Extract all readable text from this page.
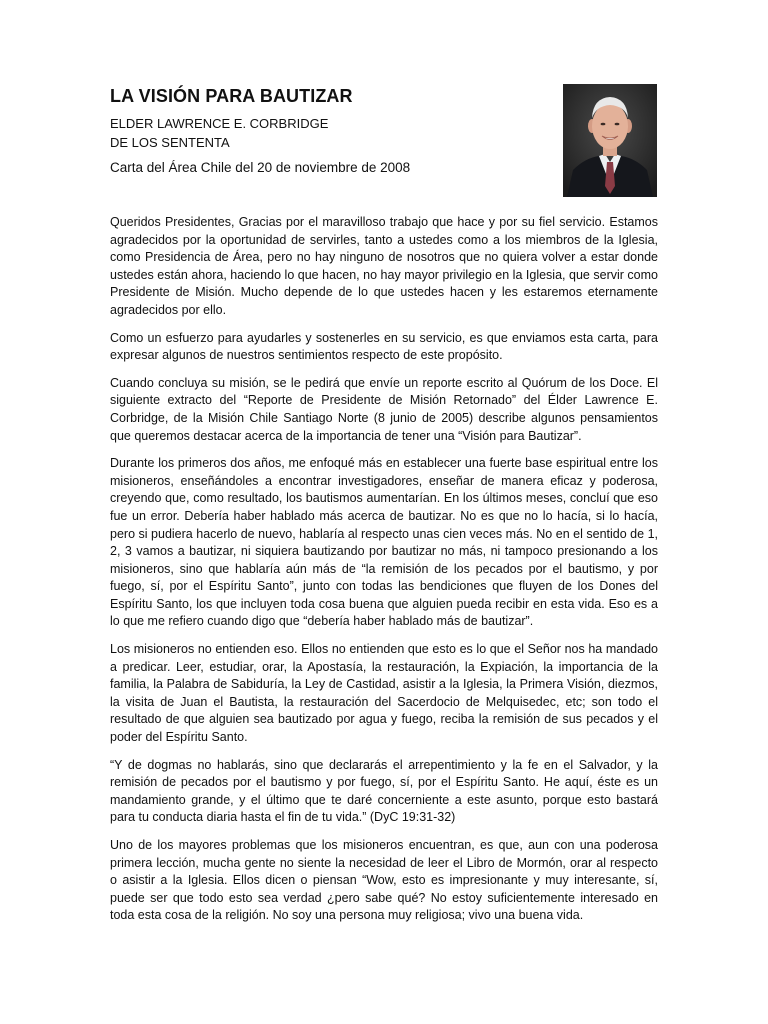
LA VISIÓN PARA BAUTIZAR
ELDER LAWRENCE E. CORBRIDGE
DE LOS SENTENTA
Carta del Área Chile del 20 de noviembre de 2008

Queridos Presidentes, Gracias por el maravilloso trabajo que hace y por su fiel servicio. Estamos agradecidos por la oportunidad de servirles, tanto a ustedes como a los miembros de la Iglesia, como Presidencia de Área, pero no hay ninguno de nosotros que no quiera volver a estar donde ustedes están ahora, haciendo lo que hacen, no hay mayor privilegio en la Iglesia, que servir como Presidente de Misión. Mucho depende de lo que ustedes hacen y les estaremos eternamente agradecidos por ello.

Como un esfuerzo para ayudarles y sostenerles en su servicio, es que enviamos esta carta, para expresar algunos de nuestros sentimientos respecto de este propósito.

Cuando concluya su misión, se le pedirá que envíe un reporte escrito al Quórum de los Doce. El siguiente extracto del “Reporte de Presidente de Misión Retornado” del Élder Lawrence E. Corbridge, de la Misión Chile Santiago Norte (8 junio de 2005) describe algunos pensamientos que queremos destacar acerca de la importancia de tener una “Visión para Bautizar”.

Durante los primeros dos años, me enfoqué más en establecer una fuerte base espiritual entre los misioneros, enseñándoles a encontrar investigadores, enseñar de manera eficaz y poderosa, creyendo que, como resultado, los bautismos aumentarían. En los últimos meses, concluí que eso fue un error. Debería haber hablado más acerca de bautizar. No es que no lo hacía, si lo hacía, pero si pudiera hacerlo de nuevo, hablaría al respecto unas cien veces más. No en el sentido de 1, 2, 3 vamos a bautizar, ni siquiera bautizando por bautizar no más, ni tampoco presionando a los misioneros, sino que hablaría aún más de “la remisión de los pecados por el bautismo, y por fuego, sí, por el Espíritu Santo”, junto con todas las bendiciones que fluyen de los Dones del Espíritu Santo, los que incluyen toda cosa buena que alguien pueda recibir en esta vida. Eso es a lo que me refiero cuando digo que “debería haber hablado más de bautizar”.

Los misioneros no entienden eso. Ellos no entienden que esto es lo que el Señor nos ha mandado a predicar. Leer, estudiar, orar, la Apostasía, la restauración, la Expiación, la importancia de la familia, la Palabra de Sabiduría, la Ley de Castidad, asistir a la Iglesia, la Primera Visión, diezmos, la visita de Juan el Bautista, la restauración del Sacerdocio de Melquisedec, etc; son todo el resultado de que alguien sea bautizado por agua y fuego, reciba la remisión de sus pecados y el poder del Espíritu Santo.

“Y de dogmas no hablarás, sino que declararás el arrepentimiento y la fe en el Salvador, y la remisión de pecados por el bautismo y por fuego, sí, por el Espíritu Santo. He aquí, éste es un mandamiento grande, y el último que te daré concerniente a este asunto, porque esto bastará para tu conducta diaria hasta el fin de tu vida.” (DyC 19:31-32)

Uno de los mayores problemas que los misioneros encuentran, es que, aun con una poderosa primera lección, mucha gente no siente la necesidad de leer el Libro de Mormón, orar al respecto o asistir a la Iglesia. Ellos dicen o piensan “Wow, esto es impresionante y muy interesante, sí, puede ser que todo esto sea verdad ¿pero sabe qué? No estoy suficientemente interesado en toda esta cosa de la religión. No soy una persona muy religiosa; vivo una buena vida.
